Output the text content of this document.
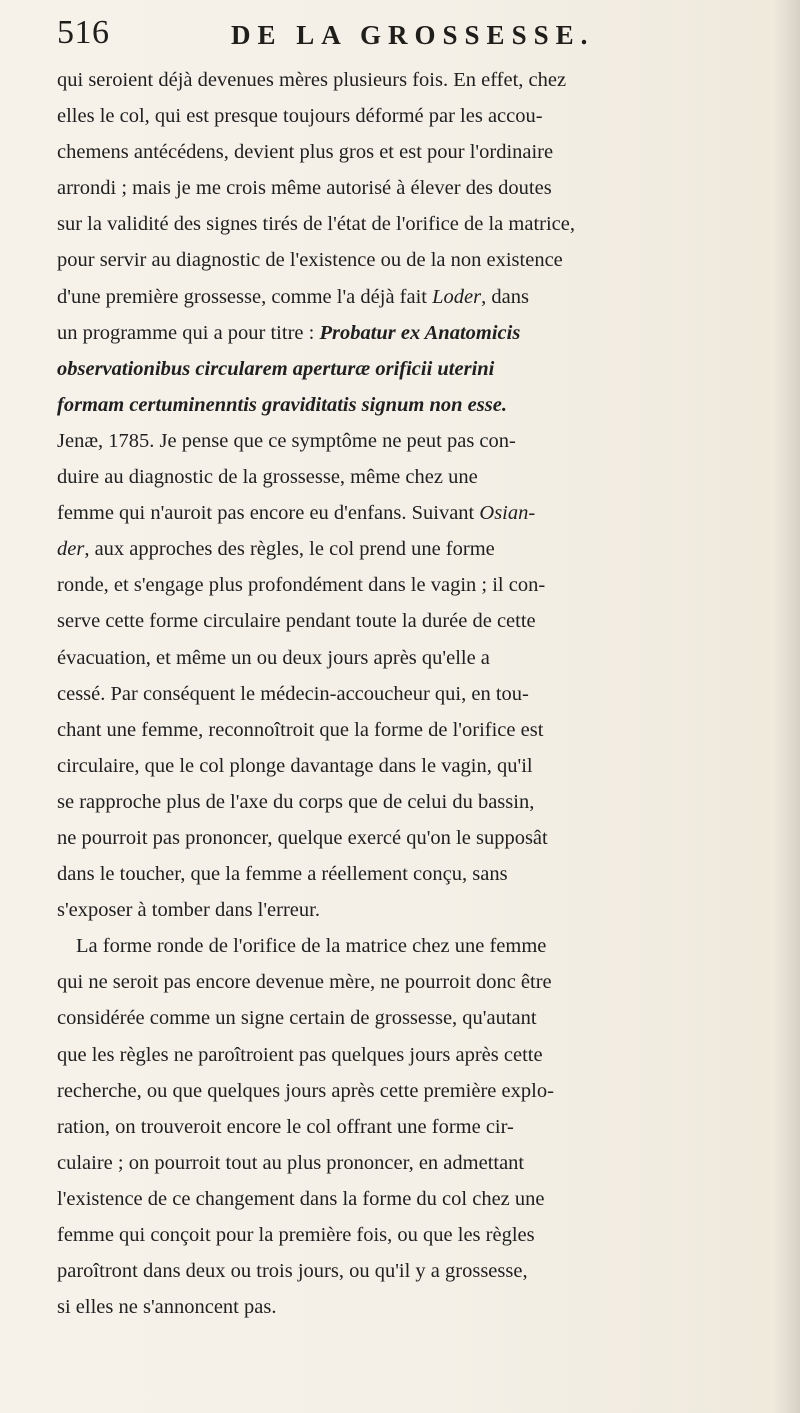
516	DE LA GROSSESSE.
qui seroient déjà devenues mères plusieurs fois. En effet, chez
elles le col, qui est presque toujours déformé par les accou-
chemens antécédens, devient plus gros et est pour l'ordinaire
arrondi ; mais je me crois même autorisé à élever des doutes
sur la validité des signes tirés de l'état de l'orifice de la matrice,
pour servir au diagnostic de l'existence ou de la non existence
d'une première grossesse, comme l'a déjà fait Loder, dans
un programme qui a pour titre : Probatur ex Anatomicis
observationibus circularem aperturæ orificii uterini
formam certuminenntis graviditatis signum non esse.
Jenæ, 1785. Je pense que ce symptôme ne peut pas con-
duire au diagnostic de la grossesse, même chez une
femme qui n'auroit pas encore eu d'enfans. Suivant Osian-
der, aux approches des règles, le col prend une forme
ronde, et s'engage plus profondément dans le vagin ; il con-
serve cette forme circulaire pendant toute la durée de cette
évacuation, et même un ou deux jours après qu'elle a
cessé. Par conséquent le médecin-accoucheur qui, en tou-
chant une femme, reconnoîtroit que la forme de l'orifice est
circulaire, que le col plonge davantage dans le vagin, qu'il
se rapproche plus de l'axe du corps que de celui du bassin,
ne pourroit pas prononcer, quelque exercé qu'on le supposât
dans le toucher, que la femme a réellement conçu, sans
s'exposer à tomber dans l'erreur.
La forme ronde de l'orifice de la matrice chez une femme
qui ne seroit pas encore devenue mère, ne pourroit donc être
considérée comme un signe certain de grossesse, qu'autant
que les règles ne paroîtroient pas quelques jours après cette
recherche, ou que quelques jours après cette première explo-
ration, on trouveroit encore le col offrant une forme cir-
culaire ; on pourroit tout au plus prononcer, en admettant
l'existence de ce changement dans la forme du col chez une
femme qui conçoit pour la première fois, ou que les règles
paroîtront dans deux ou trois jours, ou qu'il y a grossesse,
si elles ne s'annoncent pas.
